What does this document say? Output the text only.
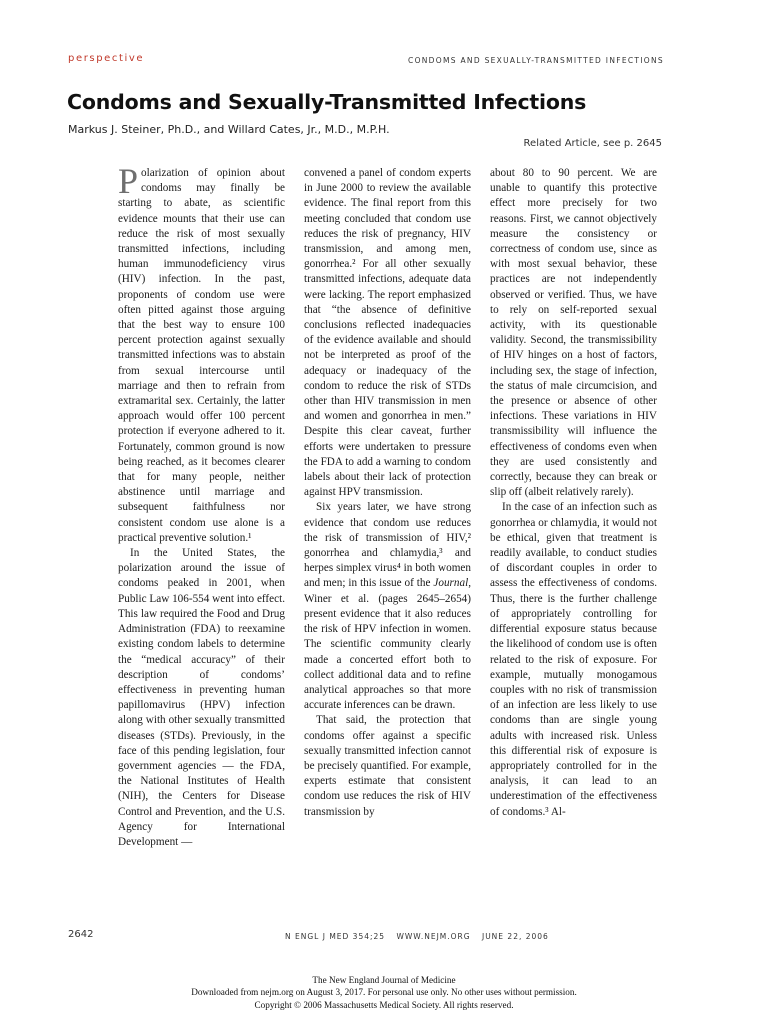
perspective	CONDOMS AND SEXUALLY-TRANSMITTED INFECTIONS
Condoms and Sexually-Transmitted Infections
Markus J. Steiner, Ph.D., and Willard Cates, Jr., M.D., M.P.H.
Related Article, see p. 2645

Polarization of opinion about condoms may finally be starting to abate, as scientific evidence mounts that their use can reduce the risk of most sexually transmitted infections, including human immunodeficiency virus (HIV) infection. In the past, proponents of condom use were often pitted against those arguing that the best way to ensure 100 percent protection against sexually transmitted infections was to abstain from sexual intercourse until marriage and then to refrain from extramarital sex. Certainly, the latter approach would offer 100 percent protection if everyone adhered to it. Fortunately, common ground is now being reached, as it becomes clearer that for many people, neither abstinence until marriage and subsequent faithfulness nor consistent condom use alone is a practical preventive solution.¹

In the United States, the polarization around the issue of condoms peaked in 2001, when Public Law 106-554 went into effect. This law required the Food and Drug Administration (FDA) to reexamine existing condom labels to determine the “medical accuracy” of their description of condoms’ effectiveness in preventing human papillomavirus (HPV) infection along with other sexually transmitted diseases (STDs). Previously, in the face of this pending legislation, four government agencies — the FDA, the National Institutes of Health (NIH), the Centers for Disease Control and Prevention, and the U.S. Agency for International Development —

convened a panel of condom experts in June 2000 to review the available evidence. The final report from this meeting concluded that condom use reduces the risk of pregnancy, HIV transmission, and among men, gonorrhea.² For all other sexually transmitted infections, adequate data were lacking. The report emphasized that “the absence of definitive conclusions reflected inadequacies of the evidence available and should not be interpreted as proof of the adequacy or inadequacy of the condom to reduce the risk of STDs other than HIV transmission in men and women and gonorrhea in men.” Despite this clear caveat, further efforts were undertaken to pressure the FDA to add a warning to condom labels about their lack of protection against HPV transmission.

Six years later, we have strong evidence that condom use reduces the risk of transmission of HIV,² gonorrhea and chlamydia,³ and herpes simplex virus⁴ in both women and men; in this issue of the Journal, Winer et al. (pages 2645–2654) present evidence that it also reduces the risk of HPV infection in women. The scientific community clearly made a concerted effort both to collect additional data and to refine analytical approaches so that more accurate inferences can be drawn.

That said, the protection that condoms offer against a specific sexually transmitted infection cannot be precisely quantified. For example, experts estimate that consistent condom use reduces the risk of HIV transmission by

about 80 to 90 percent. We are unable to quantify this protective effect more precisely for two reasons. First, we cannot objectively measure the consistency or correctness of condom use, since as with most sexual behavior, these practices are not independently observed or verified. Thus, we have to rely on self-reported sexual activity, with its questionable validity. Second, the transmissibility of HIV hinges on a host of factors, including sex, the stage of infection, the status of male circumcision, and the presence or absence of other infections. These variations in HIV transmissibility will influence the effectiveness of condoms even when they are used consistently and correctly, because they can break or slip off (albeit relatively rarely).

In the case of an infection such as gonorrhea or chlamydia, it would not be ethical, given that treatment is readily available, to conduct studies of discordant couples in order to assess the effectiveness of condoms. Thus, there is the further challenge of appropriately controlling for differential exposure status because the likelihood of condom use is often related to the risk of exposure. For example, mutually monogamous couples with no risk of transmission of an infection are less likely to use condoms than are single young adults with increased risk. Unless this differential risk of exposure is appropriately controlled for in the analysis, it can lead to an underestimation of the effectiveness of condoms.³ Al-

2642	N ENGL J MED 354;25 WWW.NEJM.ORG JUNE 22, 2006
The New England Journal of Medicine
Downloaded from nejm.org on August 3, 2017. For personal use only. No other uses without permission.
Copyright © 2006 Massachusetts Medical Society. All rights reserved.
